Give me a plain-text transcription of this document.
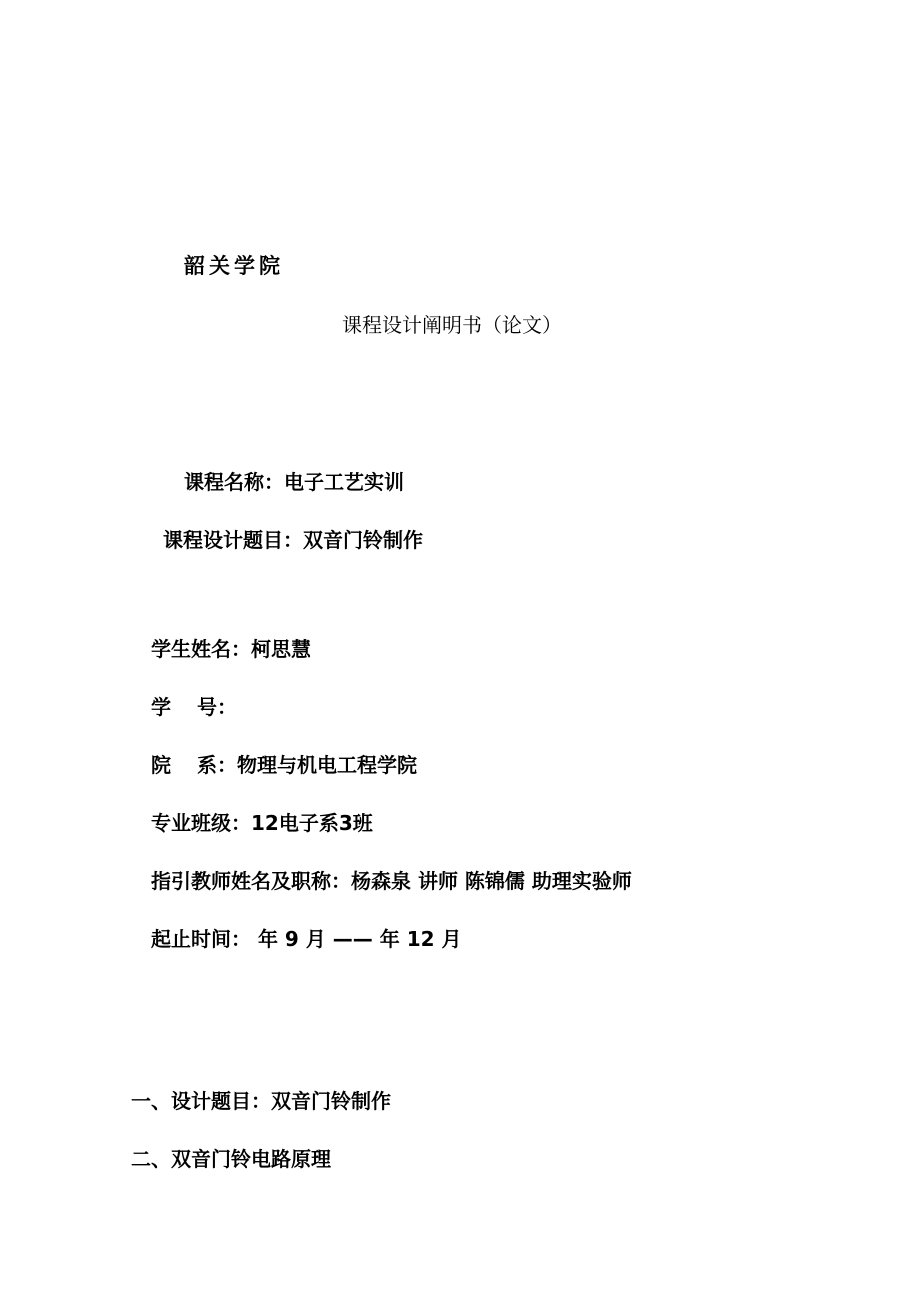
韶关学院
课程设计阐明书（论文）
课程名称：电子工艺实训
课程设计题目：双音门铃制作
学生姓名：柯思慧
学 号：
院 系：物理与机电工程学院
专业班级：12电子系3班
指引教师姓名及职称：杨森泉 讲师 陈锦儒 助理实验师
起止时间： 年 9 月 —— 年 12 月
一、设计题目：双音门铃制作
二、双音门铃电路原理
